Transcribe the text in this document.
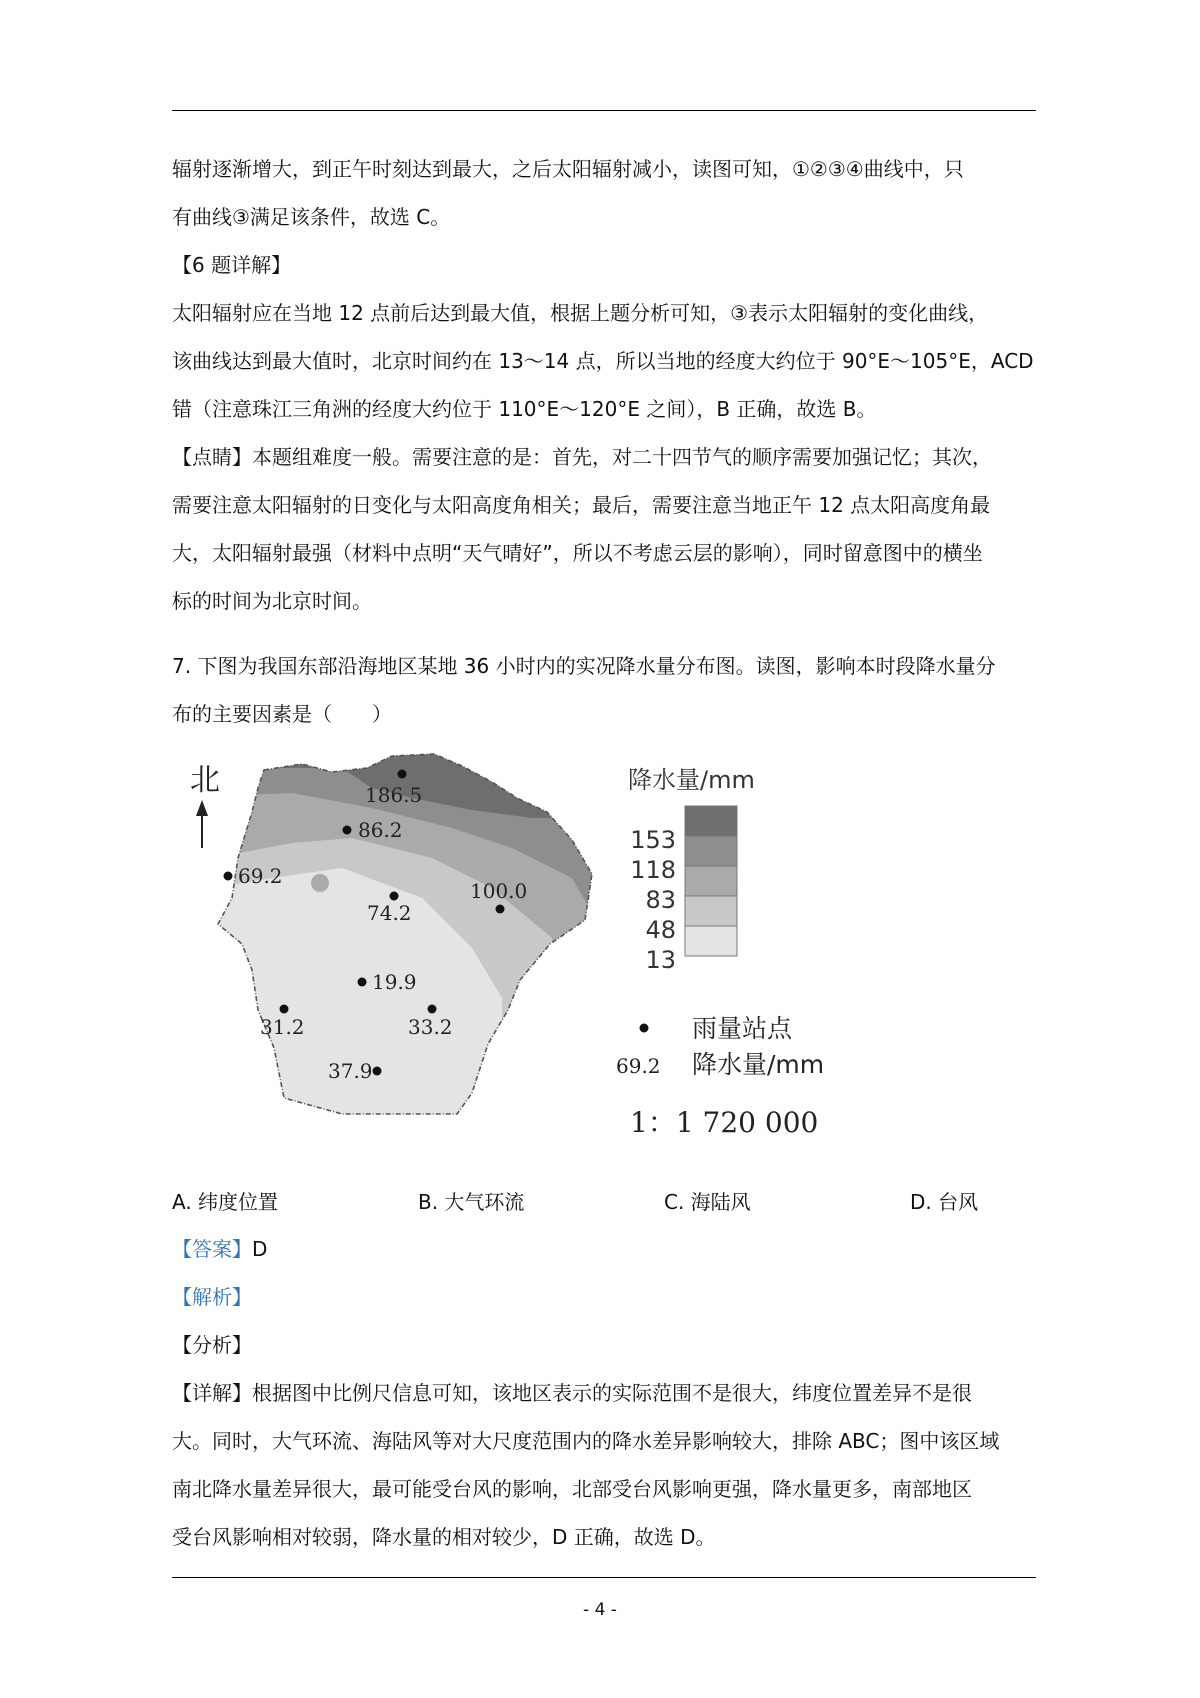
辐射逐渐增大，到正午时刻达到最大，之后太阳辐射减小，读图可知，①②③④曲线中，只
有曲线③满足该条件，故选 C。
【6 题详解】
太阳辐射应在当地 12 点前后达到最大值，根据上题分析可知，③表示太阳辐射的变化曲线，
该曲线达到最大值时，北京时间约在 13～14 点，所以当地的经度大约位于 90°E～105°E，ACD
错（注意珠江三角洲的经度大约位于 110°E～120°E 之间），B 正确，故选 B。
【点睛】本题组难度一般。需要注意的是：首先，对二十四节气的顺序需要加强记忆；其次，
需要注意太阳辐射的日变化与太阳高度角相关；最后，需要注意当地正午 12 点太阳高度角最
大，太阳辐射最强（材料中点明“天气晴好”，所以不考虑云层的影响），同时留意图中的横坐
标的时间为北京时间。
7. 下图为我国东部沿海地区某地 36 小时内的实况降水量分布图。读图，影响本时段降水量分
布的主要因素是（　　）
北	186.5
86.2
69.2
74.2
100.0
19.9
31.2	33.2
37.9
降水量/mm
153
118
83
48
13
雨量站点
69.2 降水量/mm
1：1 720 000
A. 纬度位置	B. 大气环流	C. 海陆风	D. 台风
【答案】D
【解析】
【分析】
【详解】根据图中比例尺信息可知，该地区表示的实际范围不是很大，纬度位置差异不是很
大。同时，大气环流、海陆风等对大尺度范围内的降水差异影响较大，排除 ABC；图中该区域
南北降水量差异很大，最可能受台风的影响，北部受台风影响更强，降水量更多，南部地区
受台风影响相对较弱，降水量的相对较少，D 正确，故选 D。
- 4 -
